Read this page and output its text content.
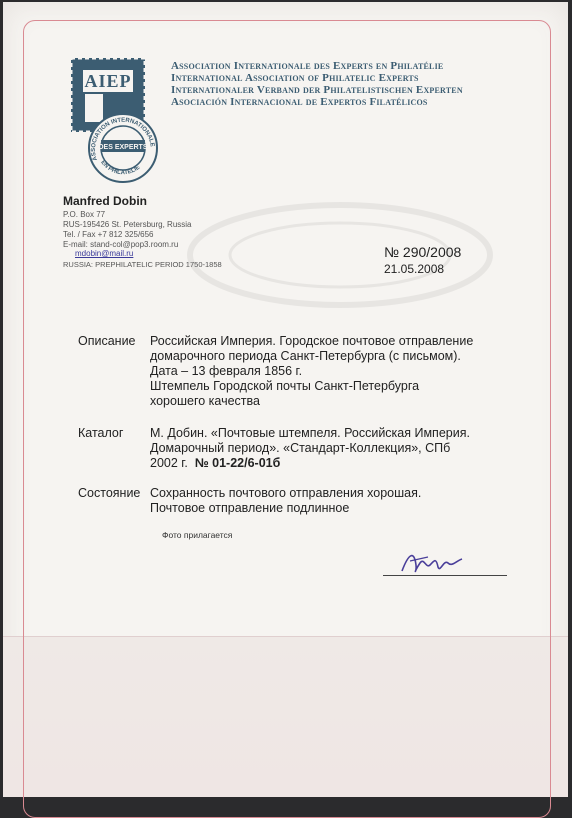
AIEP
DES EXPERTS
ASSOCIATION INTERNATIONALE
EN PHILATELIE
Association Internationale des Experts en Philatélie
International Association of Philatelic Experts
Internationaler Verband der Philatelistischen Experten
Asociación Internacional de Expertos Filatélicos
Manfred Dobin
P.O. Box 77
RUS-195426 St. Petersburg, Russia
Tel. / Fax +7 812 325/656
E-mail: stand-col@pop3.room.ru
mdobin@mail.ru
RUSSIA: PREPHILATELIC PERIOD 1750-1858
№ 290/2008
21.05.2008
Описание Российская Империя. Городское почтовое отправление
домарочного периода Санкт-Петербурга (с письмом).
Дата – 13 февраля 1856 г.
Штемпель Городской почты Санкт-Петербурга
хорошего качества
Каталог М. Добин. «Почтовые штемпеля. Российская Империя.
Домарочный период». «Стандарт-Коллекция», СПб
2002 г. № 01-22/6-01б
Состояние Сохранность почтового отправления хорошая.
Почтовое отправление подлинное
Фото прилагается
